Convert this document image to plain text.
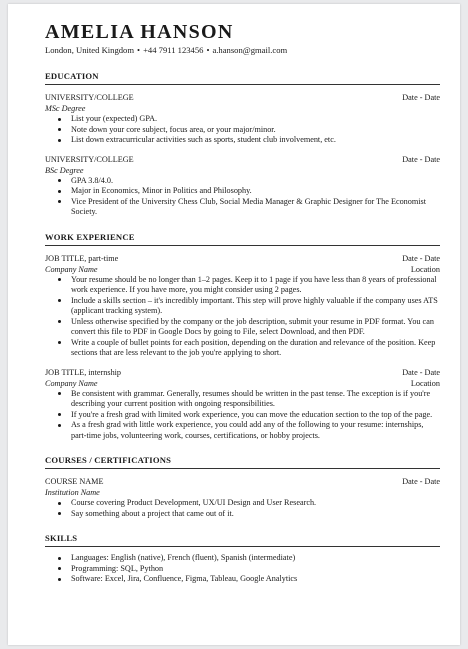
AMELIA HANSON
London, United Kingdom • +44 7911 123456 • a.hanson@gmail.com
EDUCATION
UNIVERSITY/COLLEGE	Date - Date
MSc Degree
List your (expected) GPA.
Note down your core subject, focus area, or your major/minor.
List down extracurricular activities such as sports, student club involvement, etc.
UNIVERSITY/COLLEGE	Date - Date
BSc Degree
GPA 3.8/4.0.
Major in Economics, Minor in Politics and Philosophy.
Vice President of the University Chess Club, Social Media Manager & Graphic Designer for The Economist Society.
WORK EXPERIENCE
JOB TITLE, part-time	Date - Date
Company Name	Location
Your resume should be no longer than 1–2 pages. Keep it to 1 page if you have less than 8 years of professional work experience. If you have more, you might consider using 2 pages.
Include a skills section – it's incredibly important. This step will prove highly valuable if the company uses ATS (applicant tracking system).
Unless otherwise specified by the company or the job description, submit your resume in PDF format. You can convert this file to PDF in Google Docs by going to File, select Download, and then PDF.
Write a couple of bullet points for each position, depending on the duration and relevance of the position. Keep sections that are less relevant to the job you're applying to short.
JOB TITLE, internship	Date - Date
Company Name	Location
Be consistent with grammar. Generally, resumes should be written in the past tense. The exception is if you're describing your current position with ongoing responsibilities.
If you're a fresh grad with limited work experience, you can move the education section to the top of the page.
As a fresh grad with little work experience, you could add any of the following to your resume: internships, part-time jobs, volunteering work, courses, certifications, or hobby projects.
COURSES / CERTIFICATIONS
COURSE NAME	Date - Date
Institution Name
Course covering Product Development, UX/UI Design and User Research.
Say something about a project that came out of it.
SKILLS
Languages: English (native), French (fluent), Spanish (intermediate)
Programming: SQL, Python
Software: Excel, Jira, Confluence, Figma, Tableau, Google Analytics
